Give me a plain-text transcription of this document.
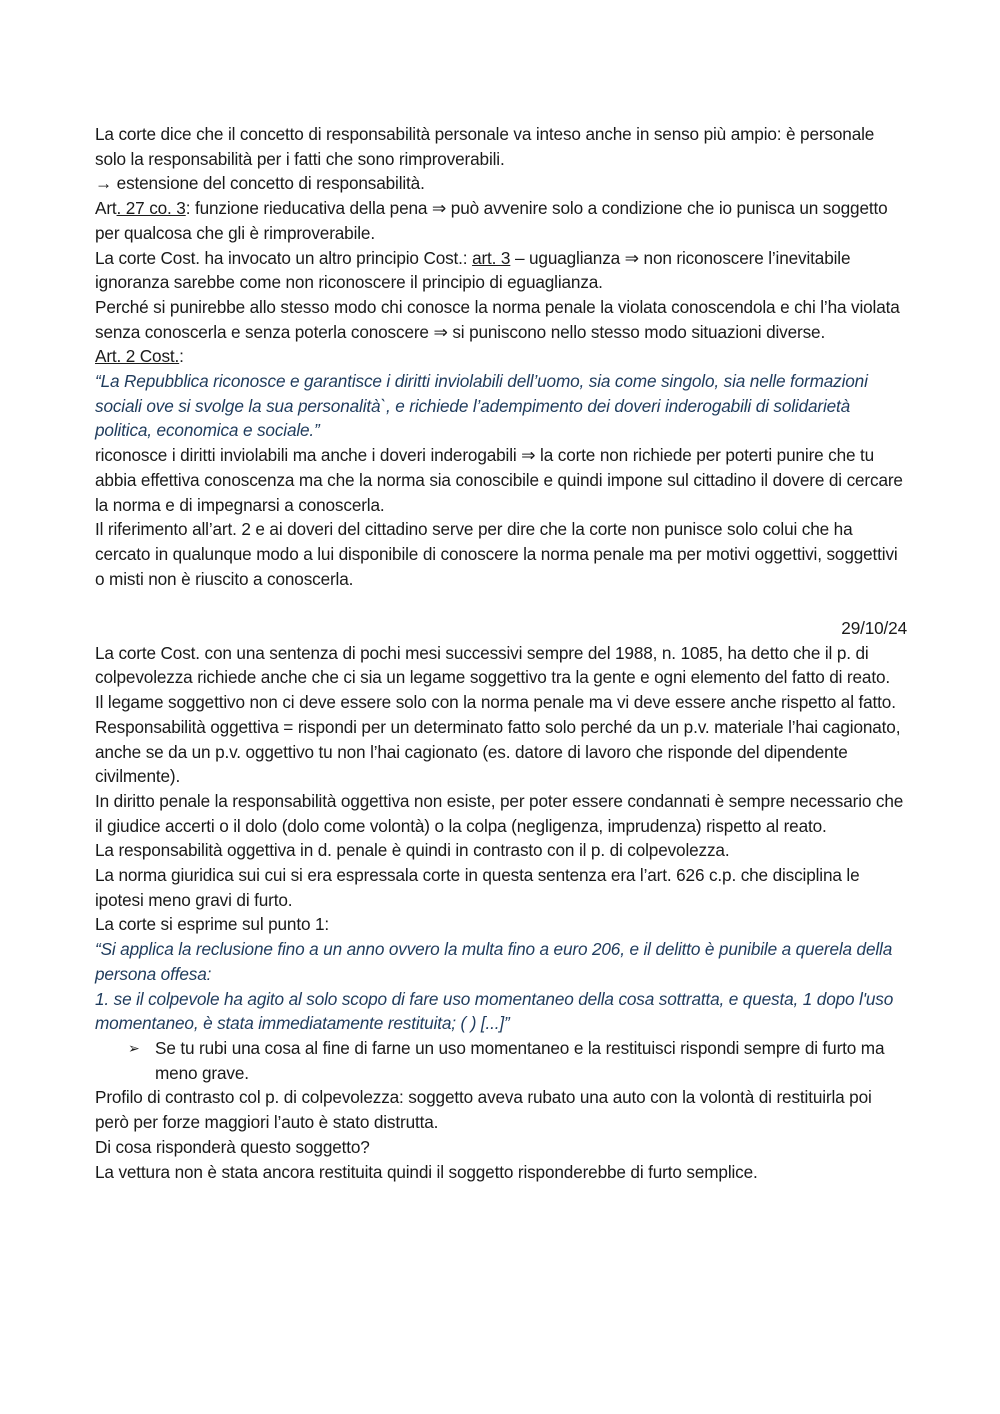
La corte dice che il concetto di responsabilità personale va inteso anche in senso più ampio: è personale solo la responsabilità per i fatti che sono rimproverabili.

→ estensione del concetto di responsabilità.

Art. 27 co. 3: funzione rieducativa della pena ⇒ può avvenire solo a condizione che io punisca un soggetto per qualcosa che gli è rimproverabile.

La corte Cost. ha invocato un altro principio Cost.: art. 3 – uguaglianza ⇒ non riconoscere l’inevitabile ignoranza sarebbe come non riconoscere il principio di eguaglianza.

Perché si punirebbe allo stesso modo chi conosce la norma penale la violata conoscendola e chi l’ha violata senza conoscerla e senza poterla conoscere ⇒ si puniscono nello stesso modo situazioni diverse.

Art. 2 Cost.:

“La Repubblica riconosce e garantisce i diritti inviolabili dell’uomo, sia come singolo, sia nelle formazioni sociali ove si svolge la sua personalità`, e richiede l’adempimento dei doveri inderogabili di solidarietà politica, economica e sociale.”

riconosce i diritti inviolabili ma anche i doveri inderogabili ⇒ la corte non richiede per poterti punire che tu abbia effettiva conoscenza ma che la norma sia conoscibile e quindi impone sul cittadino il dovere di cercare la norma e di impegnarsi a conoscerla.

Il riferimento all’art. 2 e ai doveri del cittadino serve per dire che la corte non punisce solo colui che ha cercato in qualunque modo a lui disponibile di conoscere la norma penale ma per motivi oggettivi, soggettivi o misti non è riuscito a conoscerla.

29/10/24

La corte Cost. con una sentenza di pochi mesi successivi sempre del 1988, n. 1085, ha detto che il p. di colpevolezza richiede anche che ci sia un legame soggettivo tra la gente e ogni elemento del fatto di reato.

Il legame soggettivo non ci deve essere solo con la norma penale ma vi deve essere anche rispetto al fatto.

Responsabilità oggettiva = rispondi per un determinato fatto solo perché da un p.v. materiale l’hai cagionato, anche se da un p.v. oggettivo tu non l’hai cagionato (es. datore di lavoro che risponde del dipendente civilmente).

In diritto penale la responsabilità oggettiva non esiste, per poter essere condannati è sempre necessario che il giudice accerti o il dolo (dolo come volontà) o la colpa (negligenza, imprudenza) rispetto al reato.

La responsabilità oggettiva in d. penale è quindi in contrasto con il p. di colpevolezza.

La norma giuridica sui cui si era espressala corte in questa sentenza era l’art. 626 c.p. che disciplina le ipotesi meno gravi di furto.

La corte si esprime sul punto 1:

“Si applica la reclusione fino a un anno ovvero la multa fino a euro 206, e il delitto è punibile a querela della persona offesa:

1. se il colpevole ha agito al solo scopo di fare uso momentaneo della cosa sottratta, e questa, 1 dopo l'uso momentaneo, è stata immediatamente restituita; ( ) [...]”

➢ Se tu rubi una cosa al fine di farne un uso momentaneo e la restituisci rispondi sempre di furto ma meno grave.

Profilo di contrasto col p. di colpevolezza: soggetto aveva rubato una auto con la volontà di restituirla poi però per forze maggiori l’auto è stato distrutta.

Di cosa risponderà questo soggetto?

La vettura non è stata ancora restituita quindi il soggetto risponderebbe di furto semplice.
